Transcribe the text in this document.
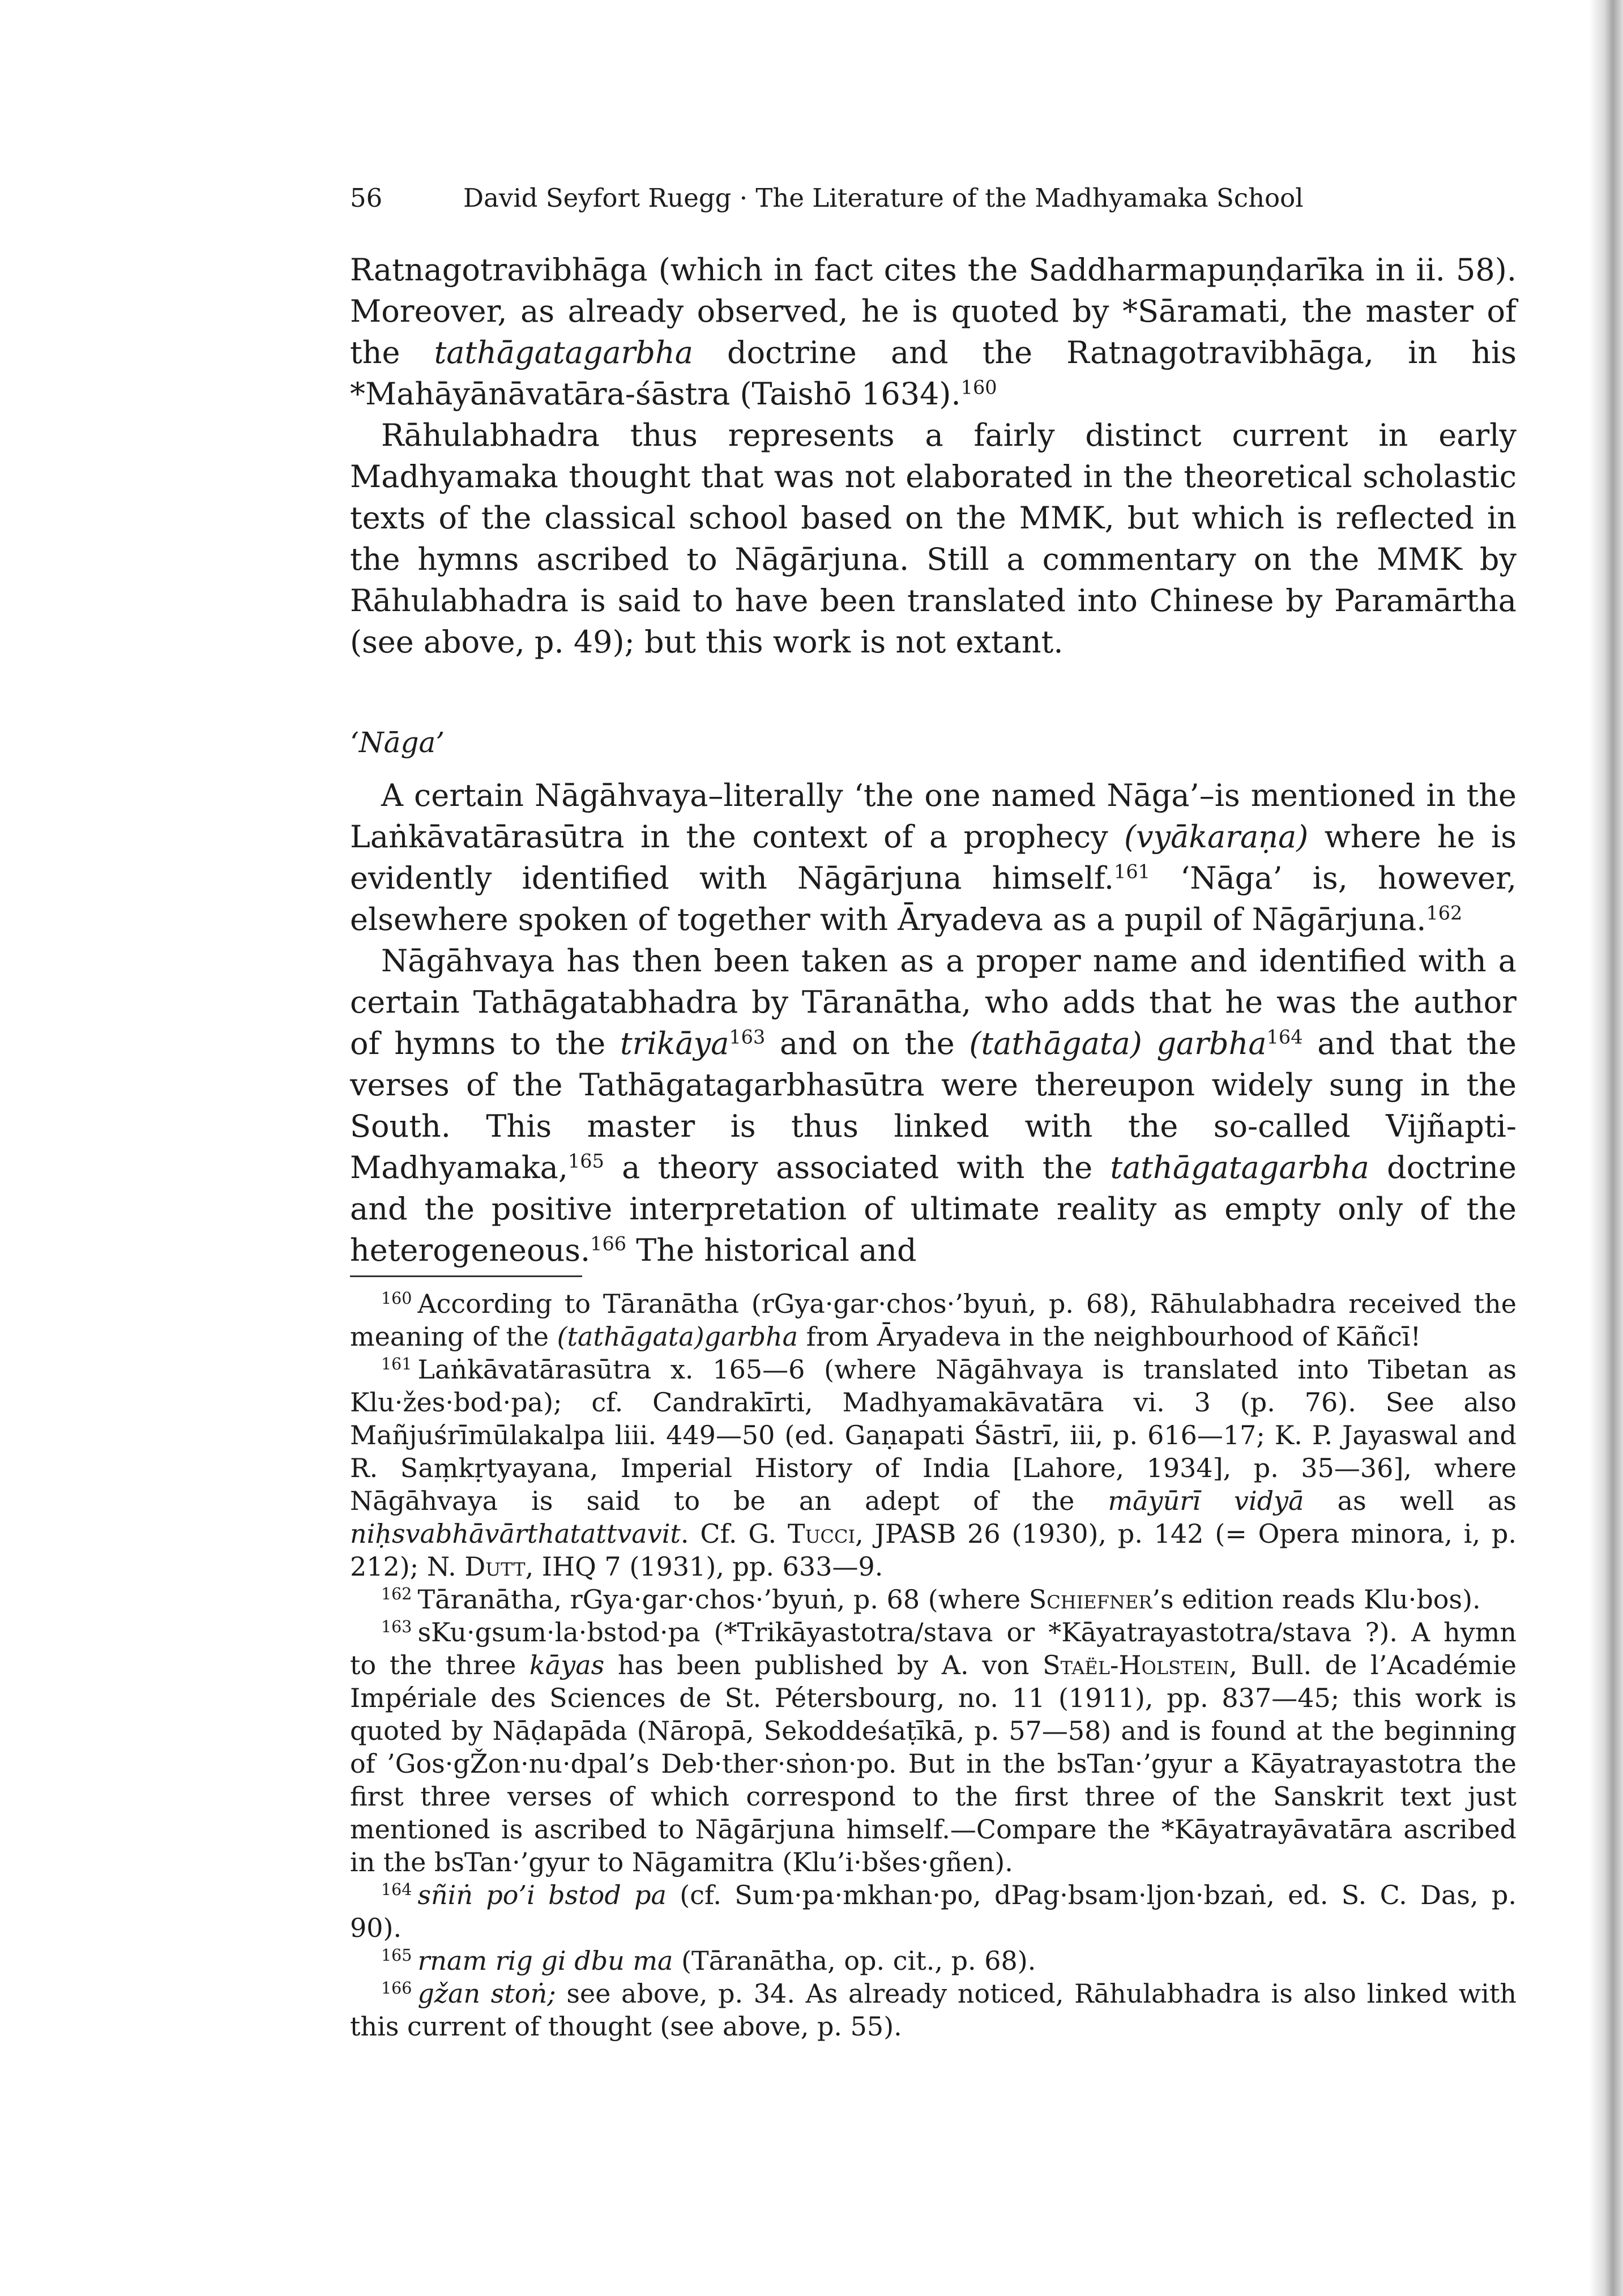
56	David Seyfort Ruegg · The Literature of the Madhyamaka School

Ratnagotravibhāga (which in fact cites the Saddharmapuṇḍarīka in ii. 58). Moreover, as already observed, he is quoted by *Sāramati, the master of the tathāgatagarbha doctrine and the Ratnagotravibhāga, in his *Mahāyānāvatāra-śāstra (Taishō 1634).$^{160}$

Rāhulabhadra thus represents a fairly distinct current in early Madhyamaka thought that was not elaborated in the theoretical scholastic texts of the classical school based on the MMK, but which is reflected in the hymns ascribed to Nāgārjuna. Still a commentary on the MMK by Rāhulabhadra is said to have been translated into Chinese by Paramārtha (see above, p. 49); but this work is not extant.

‘Nāga’

A certain Nāgāhvaya–literally ‘the one named Nāga’–is mentioned in the Laṅkāvatārasūtra in the context of a prophecy (vyākaraṇa) where he is evidently identified with Nāgārjuna himself.$^{161}$ ‘Nāga’ is, however, elsewhere spoken of together with Āryadeva as a pupil of Nāgārjuna.$^{162}$

Nāgāhvaya has then been taken as a proper name and identified with a certain Tathāgatabhadra by Tāranātha, who adds that he was the author of hymns to the trikāya$^{163}$ and on the (tathāgata) garbha$^{164}$ and that the verses of the Tathāgatagarbhasūtra were thereupon widely sung in the South. This master is thus linked with the so-called Vijñapti-Madhyamaka,$^{165}$ a theory associated with the tathāgatagarbha doctrine and the positive interpretation of ultimate reality as empty only of the heterogeneous.$^{166}$ The historical and

$^{160}$ According to Tāranātha (rGya·gar·chos·’byuṅ, p. 68), Rāhulabhadra received the meaning of the (tathāgata)garbha from Āryadeva in the neighbourhood of Kāñcī!

$^{161}$ Laṅkāvatārasūtra x. 165—6 (where Nāgāhvaya is translated into Tibetan as Klu·žes·bod·pa); cf. Candrakīrti, Madhyamakāvatāra vi. 3 (p. 76). See also Mañjuśrīmūlakalpa liii. 449—50 (ed. Gaṇapati Śāstrī, iii, p. 616—17; K. P. Jayaswal and R. Saṃkṛtyayana, Imperial History of India [Lahore, 1934], p. 35—36], where Nāgāhvaya is said to be an adept of the māyūrī vidyā as well as niḥsvabhāvārthatattvavit. Cf. G. Tucci, JPASB 26 (1930), p. 142 (= Opera minora, i, p. 212); N. Dutt, IHQ 7 (1931), pp. 633—9.

$^{162}$ Tāranātha, rGya·gar·chos·’byuṅ, p. 68 (where Schiefner’s edition reads Klu·bos).

$^{163}$ sKu·gsum·la·bstod·pa (*Trikāyastotra/stava or *Kāyatrayastotra/stava ?). A hymn to the three kāyas has been published by A. von Staël-Holstein, Bull. de l’Académie Impériale des Sciences de St. Pétersbourg, no. 11 (1911), pp. 837—45; this work is quoted by Nāḍapāda (Nāropā, Sekoddeśaṭīkā, p. 57—58) and is found at the beginning of ’Gos·gŽon·nu·dpal’s Deb·ther·sṅon·po. But in the bsTan·’gyur a Kāyatrayastotra the first three verses of which correspond to the first three of the Sanskrit text just mentioned is ascribed to Nāgārjuna himself.—Compare the *Kāyatrayāvatāra ascribed in the bsTan·’gyur to Nāgamitra (Klu’i·bšes·gñen).

$^{164}$ sñiṅ po’i bstod pa (cf. Sum·pa·mkhan·po, dPag·bsam·ljon·bzaṅ, ed. S. C. Das, p. 90).

$^{165}$ rnam rig gi dbu ma (Tāranātha, op. cit., p. 68).

$^{166}$ gžan stoṅ; see above, p. 34. As already noticed, Rāhulabhadra is also linked with this current of thought (see above, p. 55).
